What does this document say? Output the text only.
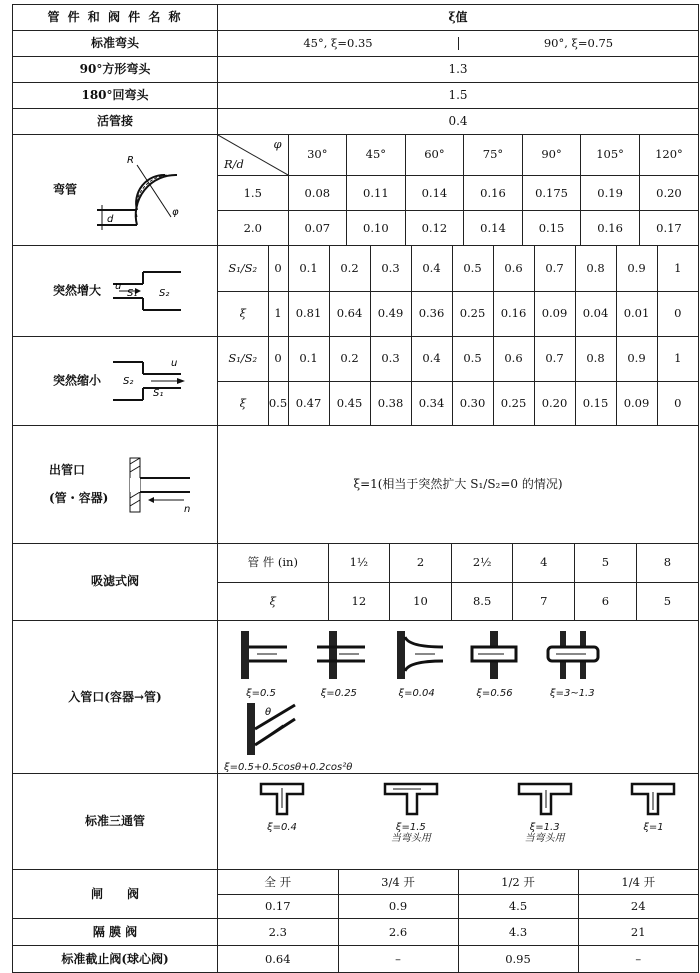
管 件 和 阀 件 名 称	ξ值
标准弯头		45°, ξ=0.35	90°, ξ=0.75

90°方形弯头	1.3
180°回弯头	1.5
活管接	0.4
弯管
R
d
φ

φ
R/d
	30°	45°	60°	75°	90°	105°	120°
1.5	0.08	0.11	0.14	0.16	0.175	0.19	0.20
2.0	0.07	0.10	0.12	0.14	0.15	0.16	0.17

突然增大 u
S₁ S₂

S₁/S₂	0	0.1	0.2	0.3	0.4	0.5	0.6	0.7	0.8	0.9	1
ξ	1	0.81	0.64	0.49	0.36	0.25	0.16	0.09	0.04	0.01	0

突然缩小
u
S₂
S₁

S₁/S₂	0	0.1	0.2	0.3	0.4	0.5	0.6	0.7	0.8	0.9	1
ξ	0.5	0.47	0.45	0.38	0.34	0.30	0.25	0.20	0.15	0.09	0

出管口
(管・容器)

n
	ξ=1(相当于突然扩大 S₁/S₂=0 的情况)
吸滤式阀	
管 件 (in)	1½	2	2½	4	5	8
ξ	12	10	8.5	7	6	5

入管口(容器→管)	ξ=0.5
	ξ=0.25
	ξ=0.04
	ξ=0.56
	ξ=3~1.3

θ
ξ=0.5+0.5cosθ+0.2cos²θ

标准三通管	ξ=0.4
	ξ=1.5
当弯头用

ξ=1.3
当弯头用

ξ=1

闸　　阀	
全 开	3/4 开	1/2 开	1/4 开
0.17	0.9	4.5	24

隔 膜 阀		2.3	2.6	4.3	21

标准截止阀(球心阀)		0.64	–	0.95	–
